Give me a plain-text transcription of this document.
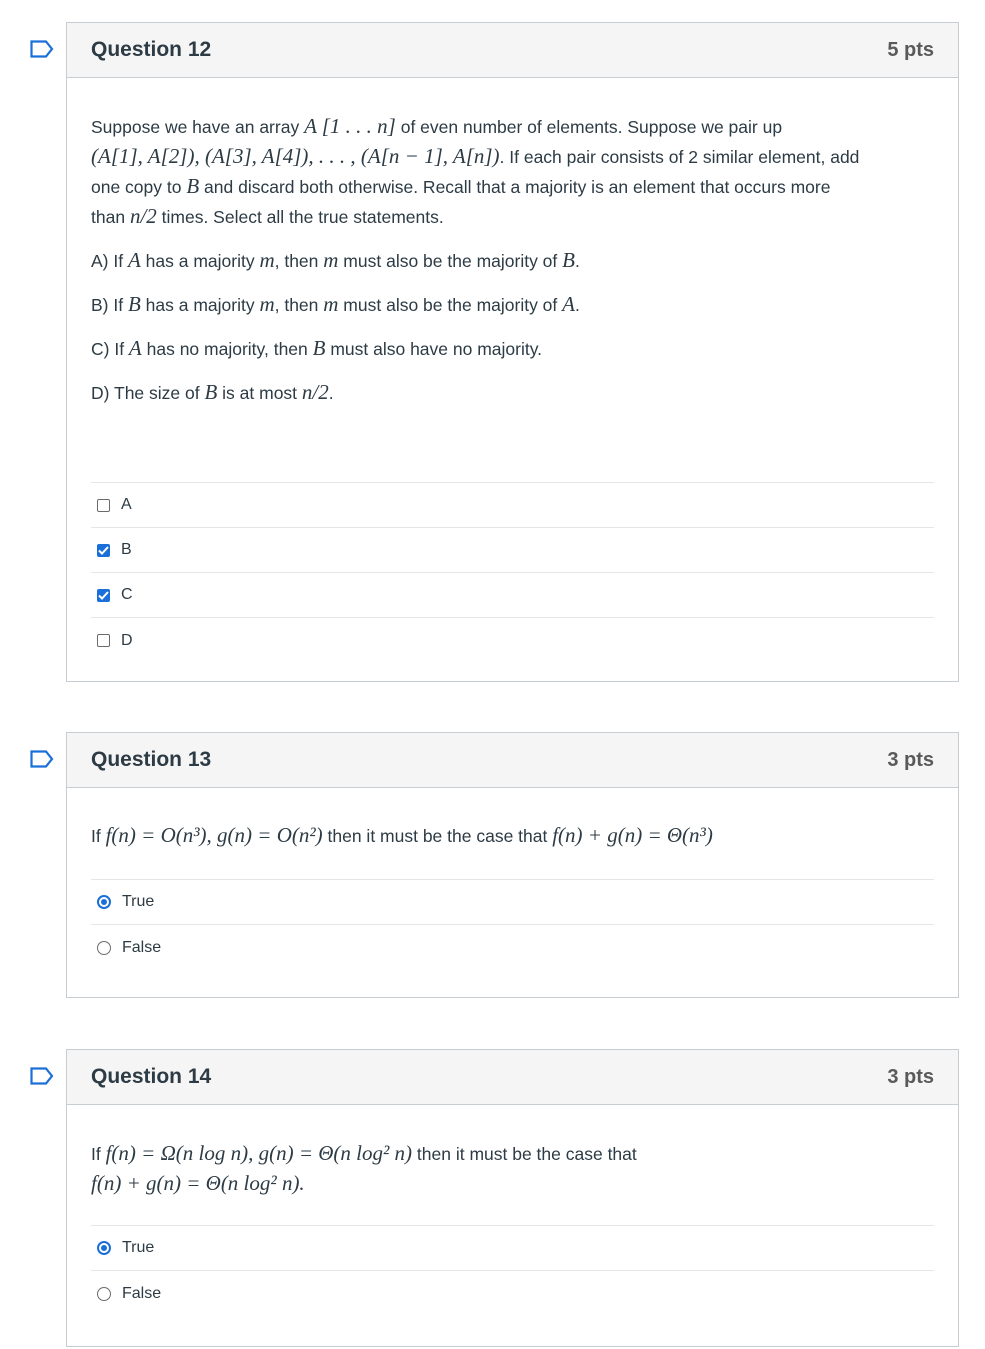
Question 12	5 pts

Suppose we have an array A [1 . . . n] of even number of elements. Suppose we pair up
(A[1], A[2]), (A[3], A[4]), . . . , (A[n − 1], A[n]). If each pair consists of 2 similar element, add
one copy to B and discard both otherwise. Recall that a majority is an element that occurs more
than n/2 times. Select all the true statements.

A) If A has a majority m, then m must also be the majority of B.

B) If B has a majority m, then m must also be the majority of A.

C) If A has no majority, then B must also have no majority.

D) The size of B is at most n/2.

A
B
C
D
Question 13	3 pts

If f(n) = O(n³), g(n) = O(n²) then it must be the case that f(n) + g(n) = Θ(n³)

True
False
Question 14	3 pts

If f(n) = Ω(n log n), g(n) = Θ(n log² n) then it must be the case that
f(n) + g(n) = Θ(n log² n).

True
False
